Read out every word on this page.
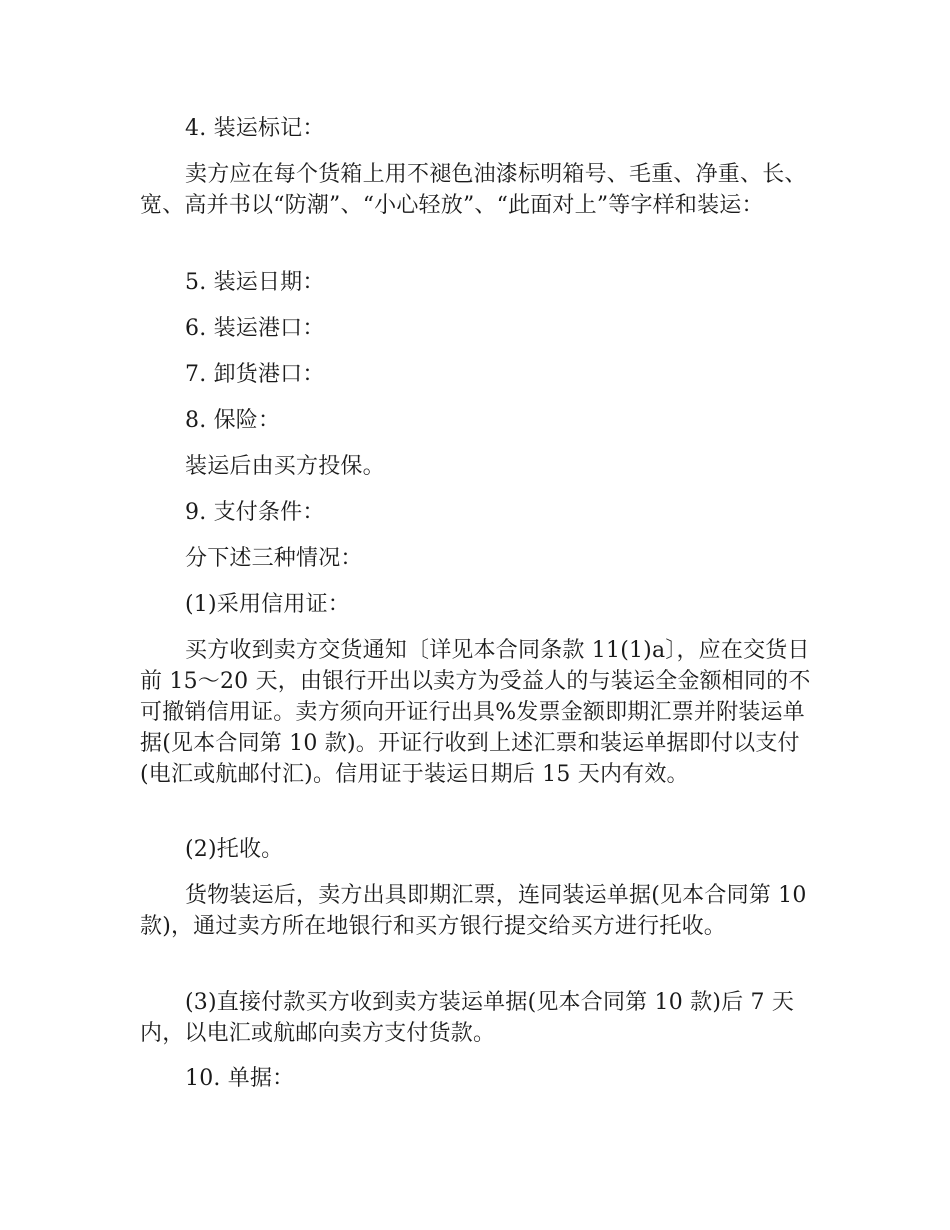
4. 装运标记：

卖方应在每个货箱上用不褪色油漆标明箱号、毛重、净重、长、宽、高并书以“防潮”、“小心轻放”、“此面对上”等字样和装运：

5. 装运日期：

6. 装运港口：

7. 卸货港口：

8. 保险：

装运后由买方投保。

9. 支付条件：

分下述三种情况：

(1)采用信用证：

买方收到卖方交货通知〔详见本合同条款 11(1)a〕，应在交货日前 15～20 天，由银行开出以卖方为受益人的与装运全金额相同的不可撤销信用证。卖方须向开证行出具%发票金额即期汇票并附装运单据(见本合同第 10 款)。开证行收到上述汇票和装运单据即付以支付(电汇或航邮付汇)。信用证于装运日期后 15 天内有效。

(2)托收。

货物装运后，卖方出具即期汇票，连同装运单据(见本合同第 10 款)，通过卖方所在地银行和买方银行提交给买方进行托收。

(3)直接付款买方收到卖方装运单据(见本合同第 10 款)后 7 天内，以电汇或航邮向卖方支付货款。

10. 单据：
